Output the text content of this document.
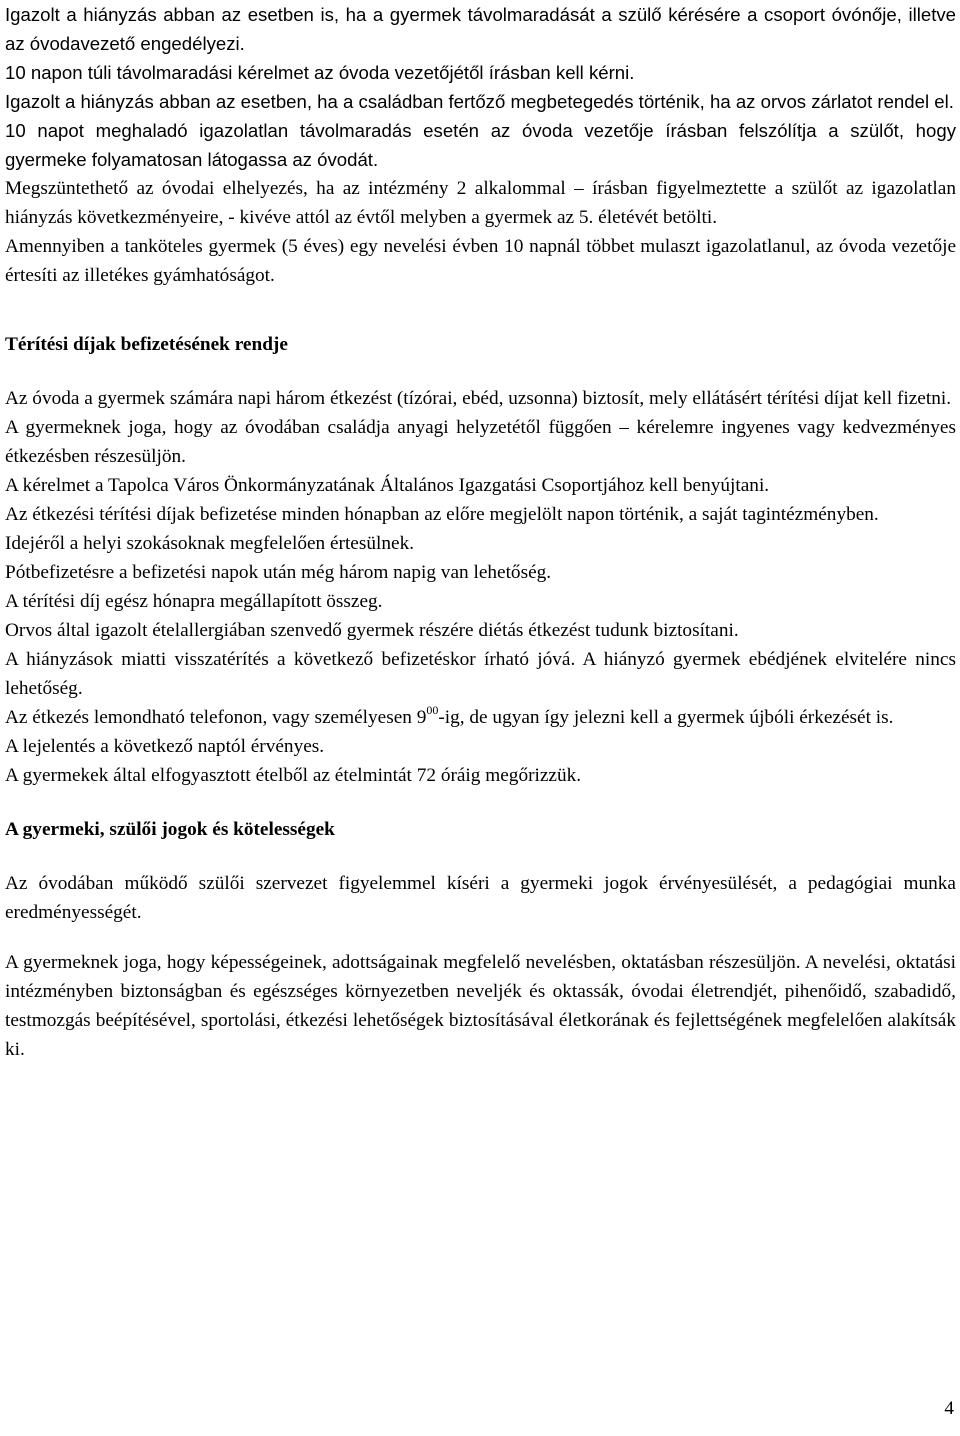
Igazolt a hiányzás abban az esetben is, ha a gyermek távolmaradását a szülő kérésére a csoport óvónője, illetve az óvodavezető engedélyezi.

10 napon túli távolmaradási kérelmet az óvoda vezetőjétől írásban kell kérni.

Igazolt a hiányzás abban az esetben, ha a családban fertőző megbetegedés történik, ha az orvos zárlatot rendel el.

10 napot meghaladó igazolatlan távolmaradás esetén az óvoda vezetője írásban felszólítja a szülőt, hogy gyermeke folyamatosan látogassa az óvodát.

Megszüntethető az óvodai elhelyezés, ha az intézmény 2 alkalommal – írásban figyelmeztette a szülőt az igazolatlan hiányzás következményeire, - kivéve attól az évtől melyben a gyermek az 5. életévét betölti.

Amennyiben a tanköteles gyermek (5 éves) egy nevelési évben 10 napnál többet mulaszt igazolatlanul, az óvoda vezetője értesíti az illetékes gyámhatóságot.

Térítési díjak befizetésének rendje

Az óvoda a gyermek számára napi három étkezést (tízórai, ebéd, uzsonna) biztosít, mely ellátásért térítési díjat kell fizetni.

A gyermeknek joga, hogy az óvodában családja anyagi helyzetétől függően – kérelemre ingyenes vagy kedvezményes étkezésben részesüljön.

A kérelmet a Tapolca Város Önkormányzatának Általános Igazgatási Csoportjához kell benyújtani.

Az étkezési térítési díjak befizetése minden hónapban az előre megjelölt napon történik, a saját tagintézményben.

Idejéről a helyi szokásoknak megfelelően értesülnek.

Pótbefizetésre a befizetési napok után még három napig van lehetőség.

A térítési díj egész hónapra megállapított összeg.

Orvos által igazolt ételallergiában szenvedő gyermek részére diétás étkezést tudunk biztosítani.

A hiányzások miatti visszatérítés a következő befizetéskor írható jóvá. A hiányzó gyermek ebédjének elvitelére nincs lehetőség.

Az étkezés lemondható telefonon, vagy személyesen $9^{00}-ig$, de ugyan így jelezni kell a gyermek újbóli érkezését is.

A lejelentés a következő naptól érvényes.

A gyermekek által elfogyasztott ételből az ételmintát 72 óráig megőrizzük.

A gyermeki, szülői jogok és kötelességek

Az óvodában működő szülői szervezet figyelemmel kíséri a gyermeki jogok érvényesülését, a pedagógiai munka eredményességét.

A gyermeknek joga, hogy képességeinek, adottságainak megfelelő nevelésben, oktatásban részesüljön. A nevelési, oktatási intézményben biztonságban és egészséges környezetben neveljék és oktassák, óvodai életrendjét, pihenőidő, szabadidő, testmozgás beépítésével, sportolási, étkezési lehetőségek biztosításával életkorának és fejlettségének megfelelően alakítsák ki.

4
